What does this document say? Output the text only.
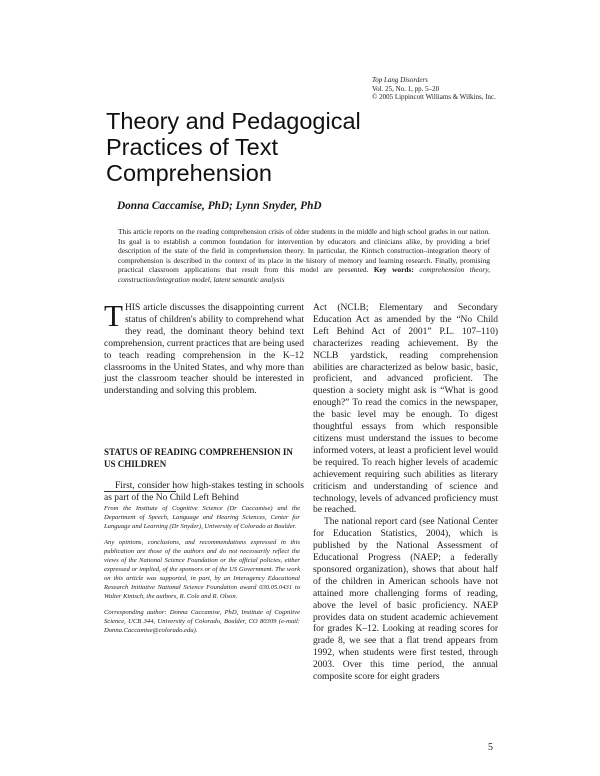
Top Lang Disorders
Vol. 25, No. 1, pp. 5–20
© 2005 Lippincott Williams & Wilkins, Inc.
Theory and Pedagogical
Practices of Text
Comprehension
Donna Caccamise, PhD; Lynn Snyder, PhD
This article reports on the reading comprehension crisis of older students in the middle and high school grades in our nation. Its goal is to establish a common foundation for intervention by educators and clinicians alike, by providing a brief description of the state of the field in comprehension theory. In particular, the Kintsch construction–integration theory of comprehension is described in the context of its place in the history of memory and learning research. Finally, promising practical classroom applications that result from this model are presented. Key words: comprehension theory, construction/integration model, latent semantic analysis

THIS article discusses the disappointing current status of children's ability to comprehend what they read, the dominant theory behind text comprehension, current practices that are being used to teach reading comprehension in the K–12 classrooms in the United States, and why more than just the classroom teacher should be interested in understanding and solving this problem.

STATUS OF READING COMPREHENSION IN US CHILDREN

First, consider how high-stakes testing in schools as part of the No Child Left Behind

From the Institute of Cognitive Science (Dr Caccamise) and the Department of Speech, Language and Hearing Sciences, Center for Language and Learning (Dr Snyder), University of Colorado at Boulder.

Any opinions, conclusions, and recommendations expressed in this publication are those of the authors and do not necessarily reflect the views of the National Science Foundation or the official policies, either expressed or implied, of the sponsors or of the US Government. The work on this article was supported, in part, by an Interagency Educational Research Initiative National Science Foundation award 030.05.0431 to Walter Kintsch, the authors, R. Cole and R. Olson.

Corresponding author: Donna Caccamise, PhD, Institute of Cognitive Science, UCB 344, University of Colorado, Boulder, CO 80309 (e-mail: Donna.Caccamise@colorado.edu).

Act (NCLB; Elementary and Secondary Education Act as amended by the “No Child Left Behind Act of 2001” P.L. 107–110) characterizes reading achievement. By the NCLB yardstick, reading comprehension abilities are characterized as below basic, basic, proficient, and advanced proficient. The question a society might ask is “What is good enough?” To read the comics in the newspaper, the basic level may be enough. To digest thoughtful essays from which responsible citizens must understand the issues to become informed voters, at least a proficient level would be required. To reach higher levels of academic achievement requiring such abilities as literary criticism and understanding of science and technology, levels of advanced proficiency must be reached.

The national report card (see National Center for Education Statistics, 2004), which is published by the National Assessment of Educational Progress (NAEP; a federally sponsored organization), shows that about half of the children in American schools have not attained more challenging forms of reading, above the level of basic proficiency. NAEP provides data on student academic achievement for grades K–12. Looking at reading scores for grade 8, we see that a flat trend appears from 1992, when students were first tested, through 2003. Over this time period, the annual composite score for eight graders

5
